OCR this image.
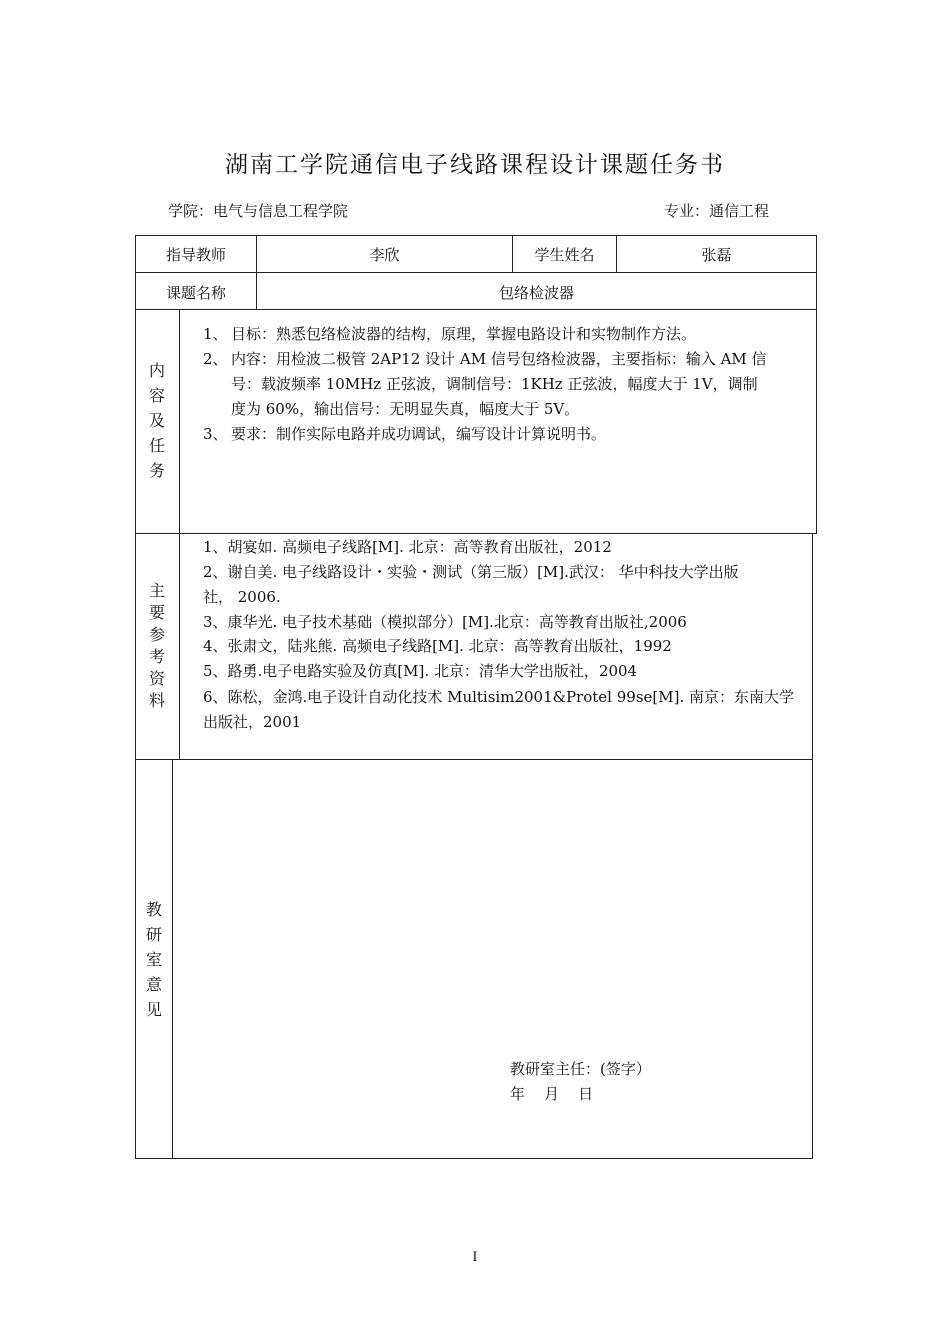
湖南工学院通信电子线路课程设计课题任务书
学院：电气与信息工程学院	专业：通信工程
指导教师	李欣	学生姓名	张磊
课题名称	包络检波器
内
容
及
任
务
1、 目标：熟悉包络检波器的结构，原理，掌握电路设计和实物制作方法。
2、 内容：用检波二极管 2AP12 设计 AM 信号包络检波器，主要指标：输入 AM 信
号：载波频率 10MHz 正弦波，调制信号：1KHz 正弦波，幅度大于 1V，调制
度为 60%，输出信号：无明显失真，幅度大于 5V。
3、 要求：制作实际电路并成功调试，编写设计计算说明书。
主
要
参
考
资
料
1、胡宴如. 高频电子线路[M]. 北京：高等教育出版社，2012
2、谢自美. 电子线路设计・实验・测试（第三版）[M].武汉： 华中科技大学出版
社， 2006.
3、康华光. 电子技术基础（模拟部分）[M].北京：高等教育出版社,2006
4、张肃文，陆兆熊. 高频电子线路[M]. 北京：高等教育出版社，1992
5、路勇.电子电路实验及仿真[M]. 北京：清华大学出版社，2004
6、陈松，金鸿.电子设计自动化技术 Multisim2001&Protel 99se[M]. 南京：东南大学
出版社，2001
教
研
室
意
见
教研室主任：(签字）
年    月    日
I
